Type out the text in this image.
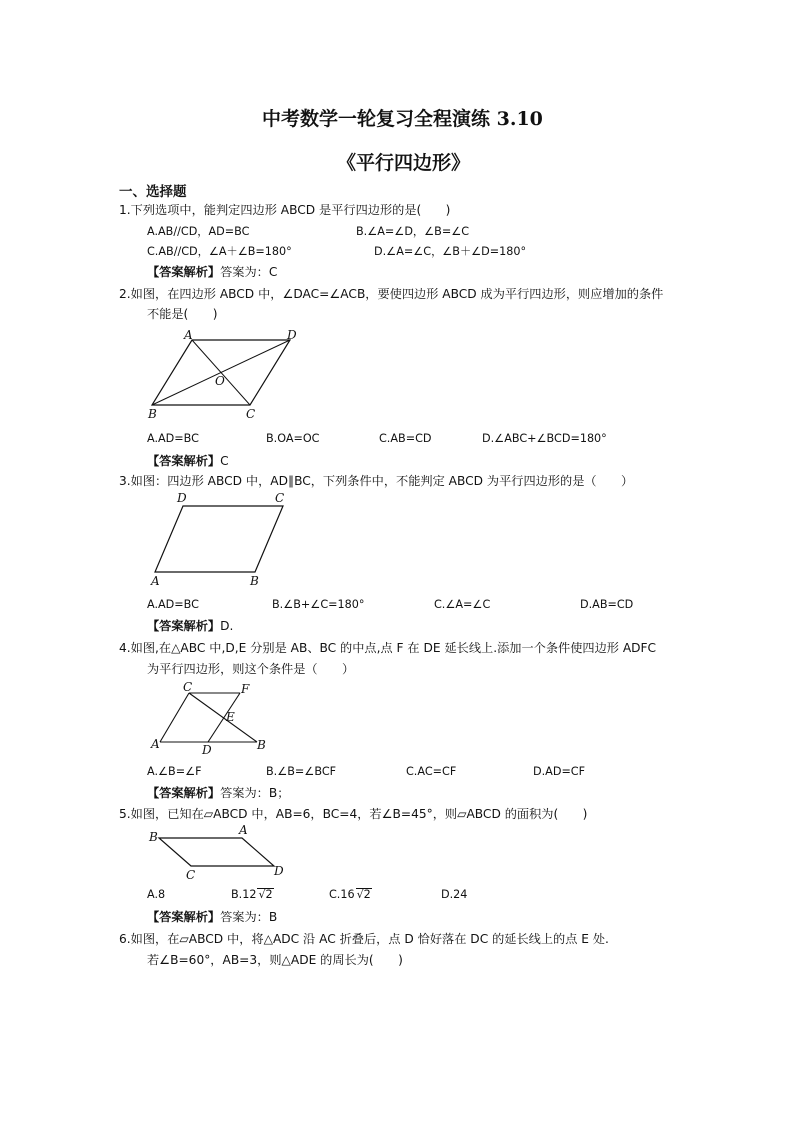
中考数学一轮复习全程演练 3.10
《平行四边形》
一、选择题
1.下列选项中，能判定四边形 ABCD 是平行四边形的是(　　)
A.AB//CD，AD=BC	B.∠A=∠D，∠B=∠C
C.AB//CD，∠A＋∠B=180°	D.∠A=∠C，∠B＋∠D=180°
【答案解析】答案为：C
2.如图，在四边形 ABCD 中，∠DAC=∠ACB，要使四边形 ABCD 成为平行四边形，则应增加的条件
不能是(　　)
A	D
O
B	C
A.AD=BC	B.OA=OC	C.AB=CD	D.∠ABC+∠BCD=180°
【答案解析】C
3.如图：四边形 ABCD 中，AD∥BC，下列条件中，不能判定 ABCD 为平行四边形的是（　　）
D	C
A	B
A.AD=BC	B.∠B+∠C=180°	C.∠A=∠C	D.AB=CD
【答案解析】D.
4.如图,在△ABC 中,D,E 分别是 AB、BC 的中点,点 F 在 DE 延长线上.添加一个条件使四边形 ADFC
为平行四边形，则这个条件是（　　）
C	F
E
A	D	B
A.∠B=∠F	B.∠B=∠BCF	C.AC=CF	D.AD=CF
【答案解析】答案为：B；
5.如图，已知在▱ABCD 中，AB=6，BC=4，若∠B=45°，则▱ABCD 的面积为(　　)
B	A
C	D
A.8	B.12 √2	C.16 √2	D.24
【答案解析】答案为：B
6.如图，在▱ABCD 中，将△ADC 沿 AC 折叠后，点 D 恰好落在 DC 的延长线上的点 E 处.
若∠B=60°，AB=3，则△ADE 的周长为(　　)
